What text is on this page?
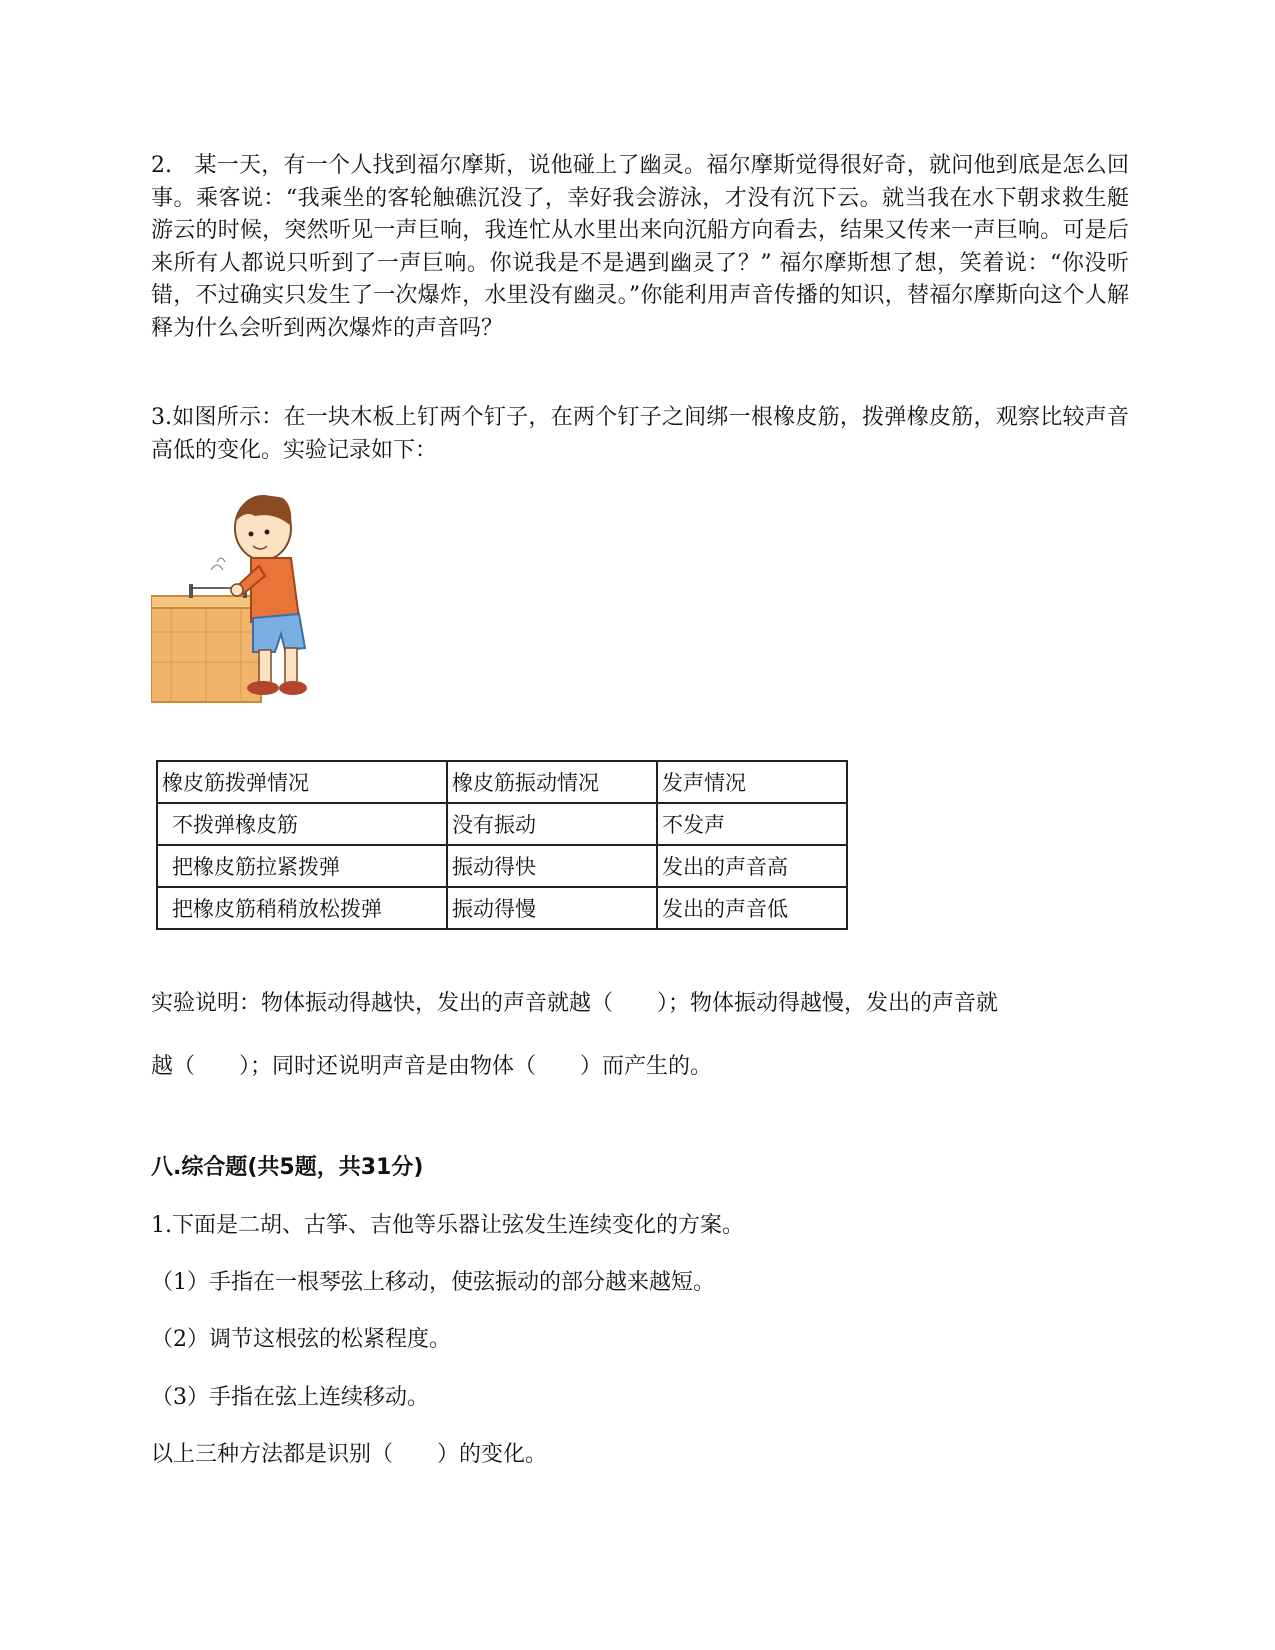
2.　某一天，有一个人找到福尔摩斯，说他碰上了幽灵。福尔摩斯觉得很好奇，就问他到底是怎么回事。乘客说：“我乘坐的客轮触礁沉没了，幸好我会游泳，才没有沉下云。就当我在水下朝求救生艇游云的时候，突然听见一声巨响，我连忙从水里出来向沉船方向看去，结果又传来一声巨响。可是后来所有人都说只听到了一声巨响。你说我是不是遇到幽灵了？” 福尔摩斯想了想，笑着说：“你没听错，不过确实只发生了一次爆炸，水里没有幽灵。”你能利用声音传播的知识，替福尔摩斯向这个人解释为什么会听到两次爆炸的声音吗？

3.如图所示：在一块木板上钉两个钉子，在两个钉子之间绑一根橡皮筋，拨弹橡皮筋，观察比较声音高低的变化。实验记录如下：

橡皮筋拨弹情况	橡皮筋振动情况	发声情况
不拨弹橡皮筋	没有振动	不发声
把橡皮筋拉紧拨弹	振动得快	发出的声音高
把橡皮筋稍稍放松拨弹	振动得慢	发出的声音低
实验说明：物体振动得越快，发出的声音就越（　　）；物体振动得越慢，发出的声音就
越（　　）；同时还说明声音是由物体（　　）而产生的。
八.综合题(共5题，共31分)
1.下面是二胡、古筝、吉他等乐器让弦发生连续变化的方案。
（1）手指在一根琴弦上移动，使弦振动的部分越来越短。
（2）调节这根弦的松紧程度。
（3）手指在弦上连续移动。
以上三种方法都是识别（　　）的变化。
